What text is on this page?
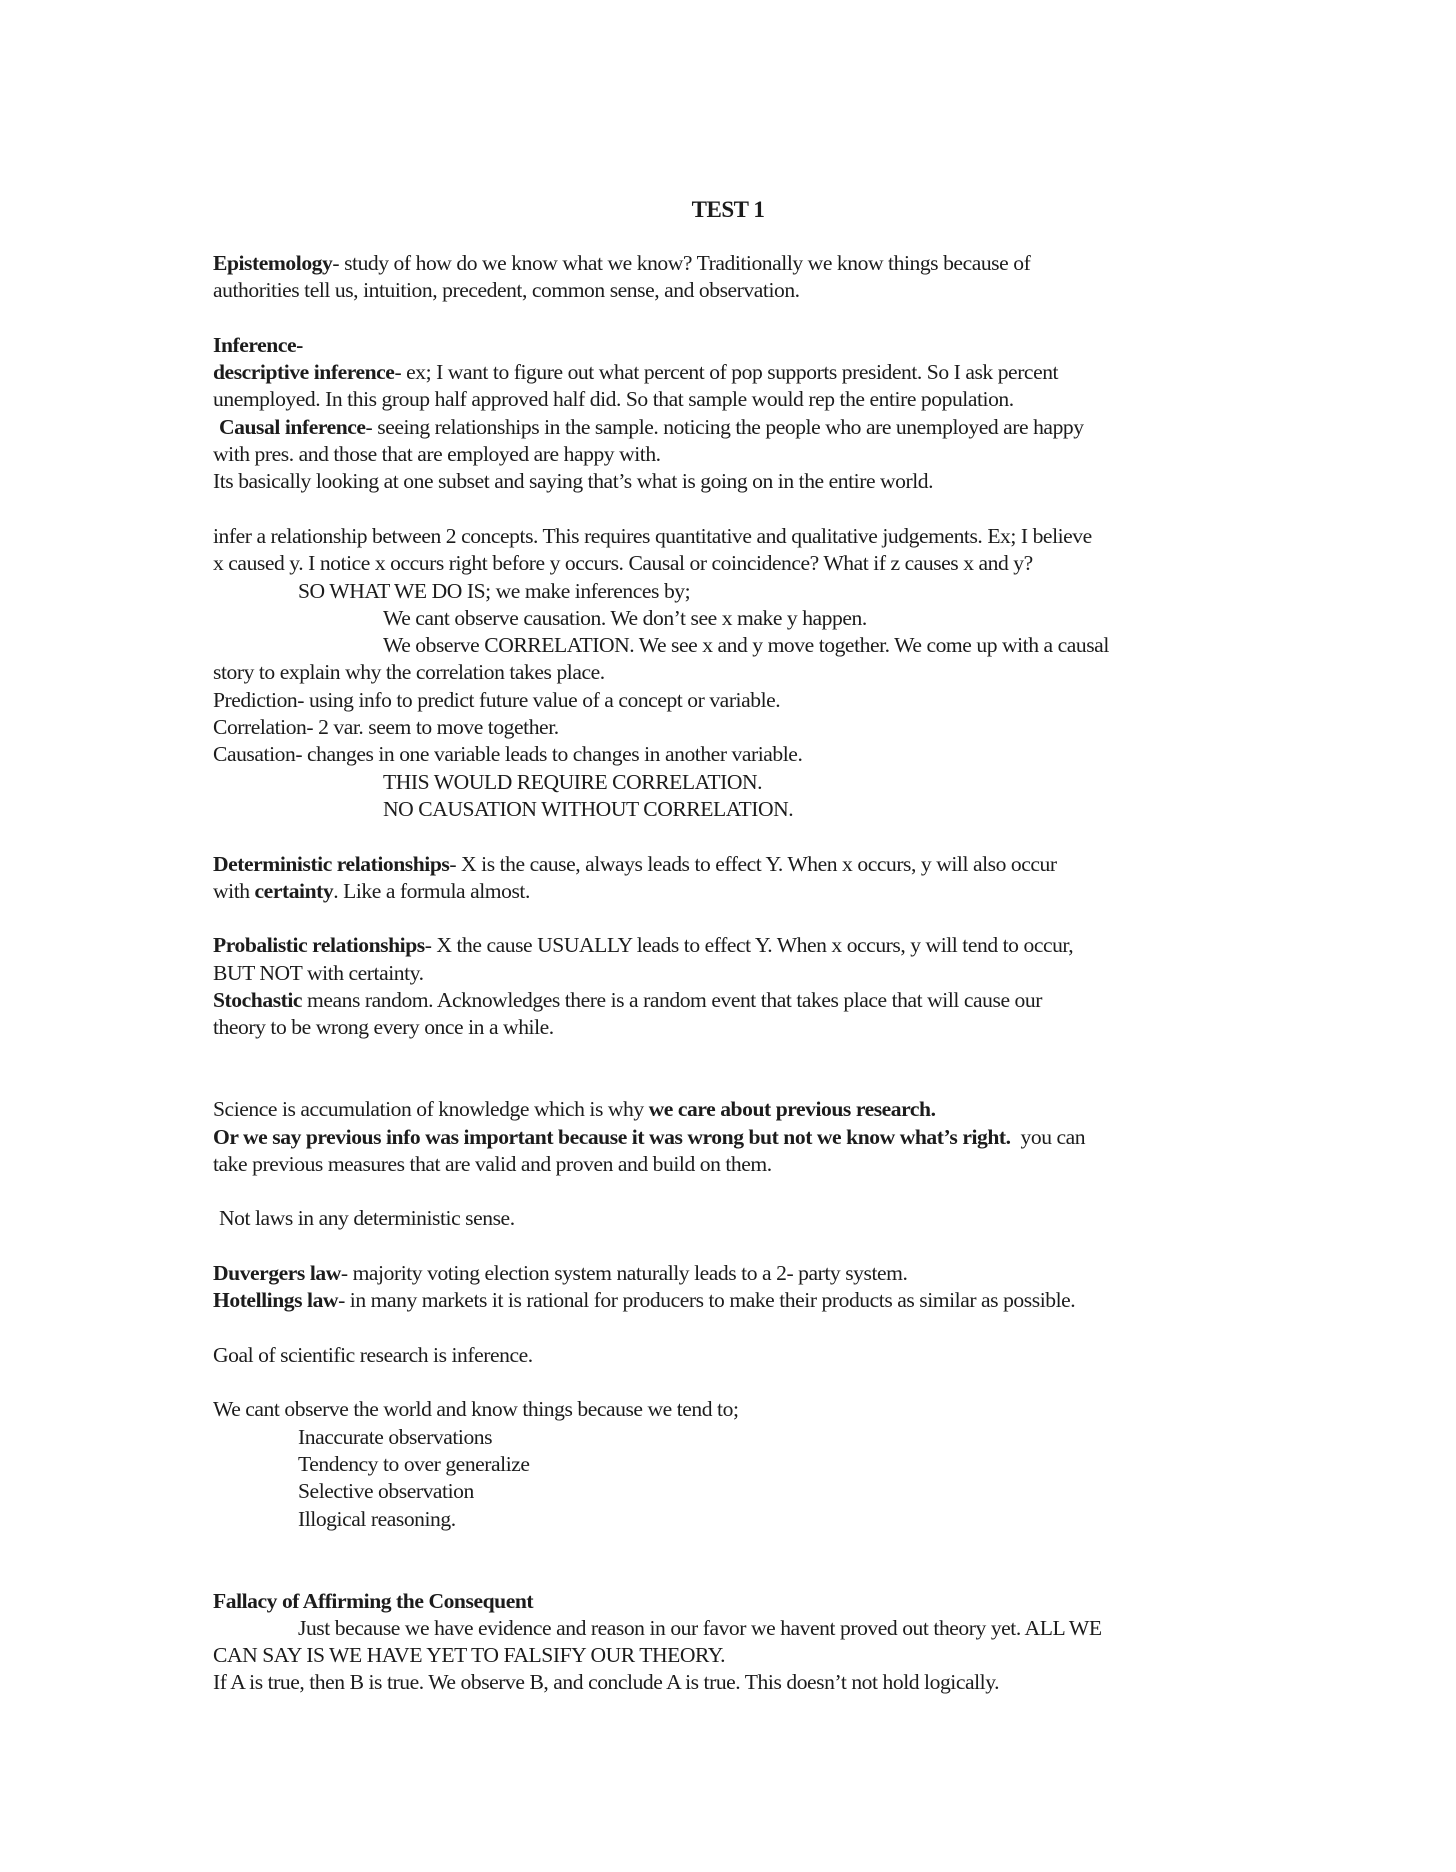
TEST 1
Epistemology- study of how do we know what we know? Traditionally we know things because of
authorities tell us, intuition, precedent, common sense, and observation.
Inference-
descriptive inference- ex; I want to figure out what percent of pop supports president. So I ask percent
unemployed. In this group half approved half did. So that sample would rep the entire population.
Causal inference- seeing relationships in the sample. noticing the people who are unemployed are happy
with pres. and those that are employed are happy with.
Its basically looking at one subset and saying that’s what is going on in the entire world.
infer a relationship between 2 concepts. This requires quantitative and qualitative judgements. Ex; I believe
x caused y. I notice x occurs right before y occurs. Causal or coincidence? What if z causes x and y?
SO WHAT WE DO IS; we make inferences by;
We cant observe causation. We don’t see x make y happen.
We observe CORRELATION. We see x and y move together. We come up with a causal
story to explain why the correlation takes place.
Prediction- using info to predict future value of a concept or variable.
Correlation- 2 var. seem to move together.
Causation- changes in one variable leads to changes in another variable.
THIS WOULD REQUIRE CORRELATION.
NO CAUSATION WITHOUT CORRELATION.
Deterministic relationships- X is the cause, always leads to effect Y. When x occurs, y will also occur
with certainty. Like a formula almost.
Probalistic relationships- X the cause USUALLY leads to effect Y. When x occurs, y will tend to occur,
BUT NOT with certainty.
Stochastic means random. Acknowledges there is a random event that takes place that will cause our
theory to be wrong every once in a while.
Science is accumulation of knowledge which is why we care about previous research.
Or we say previous info was important because it was wrong but not we know what’s right. you can
take previous measures that are valid and proven and build on them.
Not laws in any deterministic sense.
Duvergers law- majority voting election system naturally leads to a 2- party system.
Hotellings law- in many markets it is rational for producers to make their products as similar as possible.
Goal of scientific research is inference.
We cant observe the world and know things because we tend to;
Inaccurate observations
Tendency to over generalize
Selective observation
Illogical reasoning.
Fallacy of Affirming the Consequent
Just because we have evidence and reason in our favor we havent proved out theory yet. ALL WE
CAN SAY IS WE HAVE YET TO FALSIFY OUR THEORY.
If A is true, then B is true. We observe B, and conclude A is true. This doesn’t not hold logically.
